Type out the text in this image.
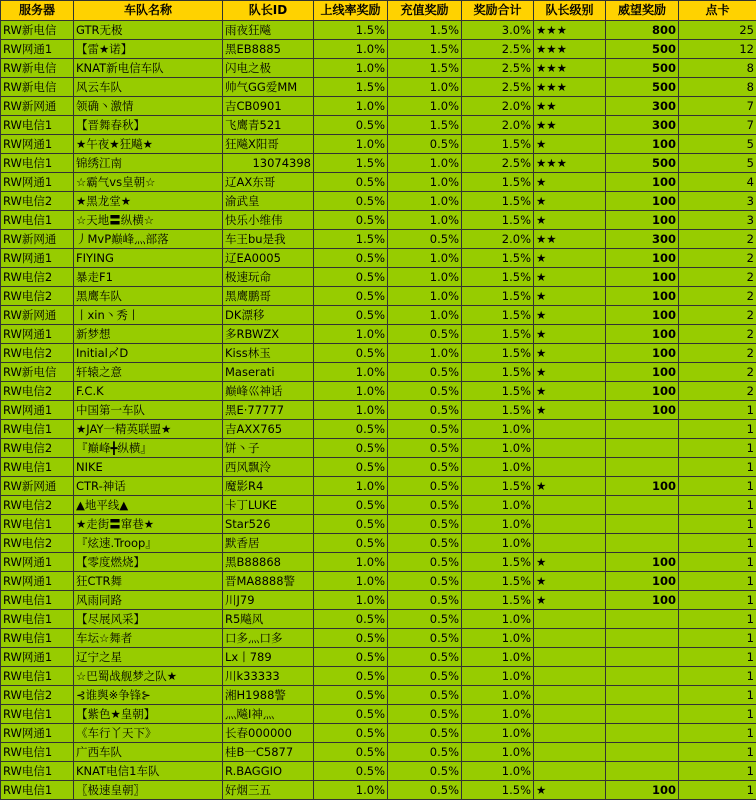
服务器	车队名称	队长ID	上线率奖励	充值奖励	奖励合计	队长级别	威望奖励	点卡
RW新电信	GTR无极	雨夜狂飚	1.5%	1.5%	3.0%	★★★	800	25
RW网通1	【雷★诺】	黑EB8885	1.0%	1.5%	2.5%	★★★	500	12
RW新电信	KNAT新电信车队	闪电之极	1.0%	1.5%	2.5%	★★★	500	8
RW新电信	风云车队	帅气GG爱MM	1.5%	1.0%	2.5%	★★★	500	8
RW新网通	领确丶激情	吉CB0901	1.0%	1.0%	2.0%	★★	300	7
RW电信1	【晋舞春秋】	飞鹰青521	0.5%	1.5%	2.0%	★★	300	7
RW网通1	★午夜★狂飚★	狂飚X阳哥	1.0%	0.5%	1.5%	★	100	5
RW电信1	锦绣江南	13074398	1.5%	1.0%	2.5%	★★★	500	5
RW网通1	☆霸气vs皇朝☆	辽AX东哥	0.5%	1.0%	1.5%	★	100	4
RW电信2	★黑龙堂★	渝武皇	0.5%	1.0%	1.5%	★	100	3
RW电信1	☆天地〓纵横☆	快乐小维伟	0.5%	1.0%	1.5%	★	100	3
RW新网通	丿MvP巅峰灬部落	车王bu是我	1.5%	0.5%	2.0%	★★	300	2
RW网通1	FIYING	辽EA0005	0.5%	1.0%	1.5%	★	100	2
RW电信2	暴走F1	极速玩命	0.5%	1.0%	1.5%	★	100	2
RW电信2	黑鹰车队	黑鹰鹏哥	0.5%	1.0%	1.5%	★	100	2
RW新网通	丨xin丶秀丨	DK漂移	0.5%	1.0%	1.5%	★	100	2
RW网通1	新梦想	多RBWZX	1.0%	0.5%	1.5%	★	100	2
RW电信2	Initial〆D	Kiss林玉	0.5%	1.0%	1.5%	★	100	2
RW新电信	轩辕之意	Maserati	1.0%	0.5%	1.5%	★	100	2
RW电信2	F.C.K	巅峰巛神话	1.0%	0.5%	1.5%	★	100	2
RW网通1	中国第一车队	黑E·77777	1.0%	0.5%	1.5%	★	100	1
RW电信1	★JAY一精英联盟★	吉AXX765	0.5%	0.5%	1.0%			1
RW电信2	『巅峰╋纵横』	饼丶子	0.5%	0.5%	1.0%			1
RW电信1	NIKE	西风飘泠	0.5%	0.5%	1.0%			1
RW新网通	CTR-神话	魔影R4	1.0%	0.5%	1.5%	★	100	1
RW电信2	▲地平线▲	卡丁LUKE	0.5%	0.5%	1.0%			1
RW电信1	★走街〓窜巷★	Star526	0.5%	0.5%	1.0%			1
RW电信2	『炫速.Troop』	默香居	0.5%	0.5%	1.0%			1
RW网通1	【零度燃烧】	黑B88868	1.0%	0.5%	1.5%	★	100	1
RW网通1	狂CTR舞	晋MA8888警	1.0%	0.5%	1.5%	★	100	1
RW电信1	风雨同路	川J79	1.0%	0.5%	1.5%	★	100	1
RW电信1	【尽展风采】	R5飚风	0.5%	0.5%	1.0%			1
RW电信1	车坛☆舞者	口多灬口多	0.5%	0.5%	1.0%			1
RW网通1	辽宁之星	Lx丨789	0.5%	0.5%	1.0%			1
RW电信1	☆巴蜀战舰梦之队★	川k33333	0.5%	0.5%	1.0%			1
RW电信2	⊰谁舆※争锋⊱	湘H1988警	0.5%	0.5%	1.0%			1
RW电信1	【紫色★皇朝】	灬飚I神灬	0.5%	0.5%	1.0%			1
RW网通1	《车行丫天下》	长春000000	0.5%	0.5%	1.0%			1
RW电信1	广西车队	桂B一C5877	0.5%	0.5%	1.0%			1
RW电信1	KNAT电信1车队	R.BAGGIO	0.5%	0.5%	1.0%			1
RW电信1	〖极速皇朝〗	好烟三五	1.0%	0.5%	1.5%	★	100	1
